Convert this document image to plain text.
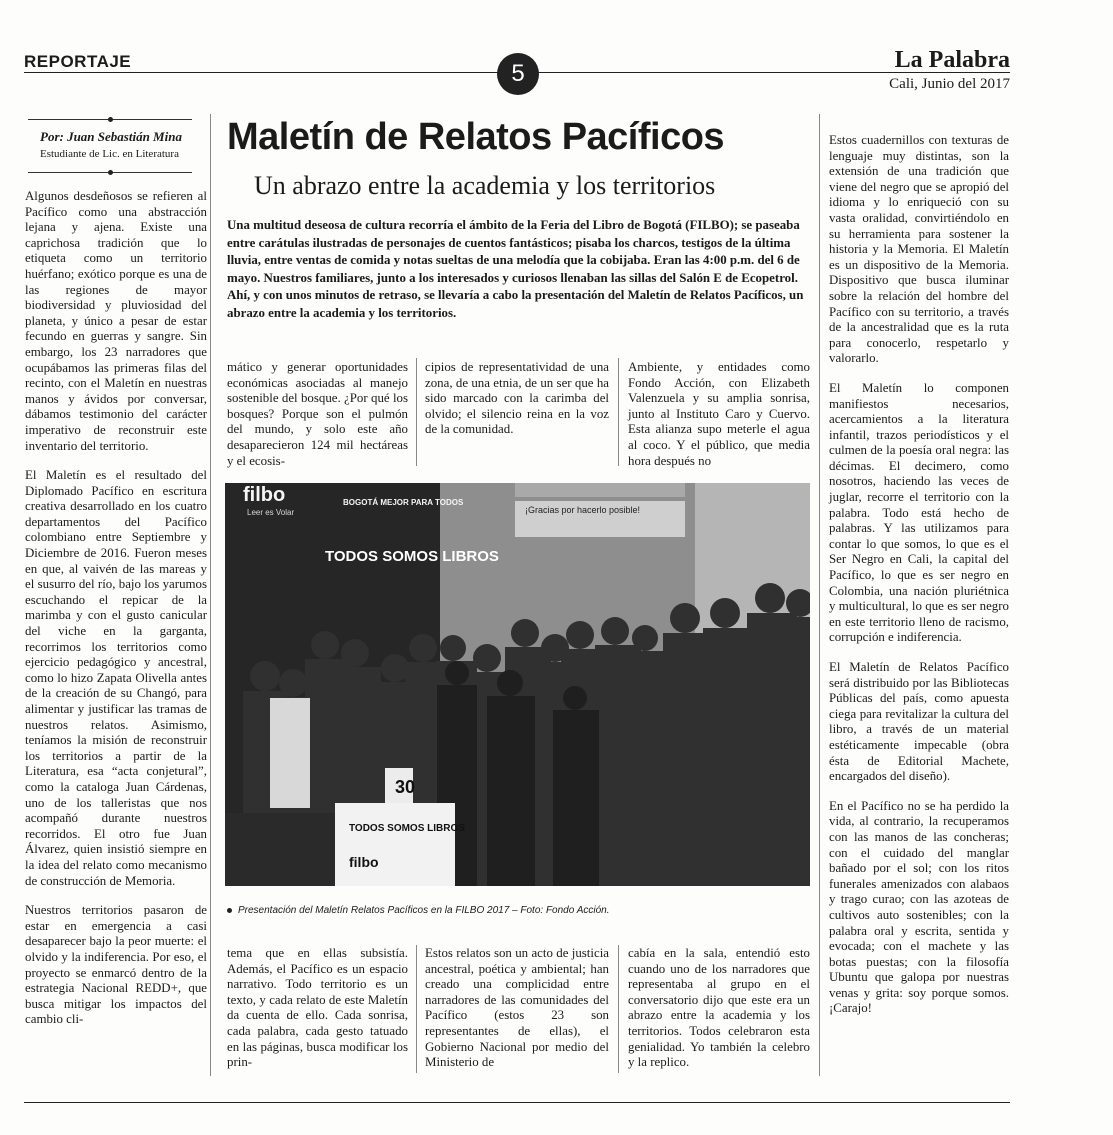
REPORTAJE	5	La Palabra
Cali, Junio del 2017
Por: Juan Sebastián Mina
Estudiante de Lic. en Literatura Maletín de Relatos Pacíficos
Un abrazo entre la academia y los territorios

Una multitud deseosa de cultura recorría el ámbito de la Feria del Libro de Bogotá (FILBO); se paseaba entre carátulas ilustradas de personajes de cuentos fantásticos; pisaba los charcos, testigos de la última lluvia, entre ventas de comida y notas sueltas de una melodía que la cobijaba. Eran las 4:00 p.m. del 6 de mayo. Nuestros familiares, junto a los interesados y curiosos llenaban las sillas del Salón E de Ecopetrol. Ahí, y con unos minutos de retraso, se llevaría a cabo la presentación del Maletín de Relatos Pacíficos, un abrazo entre la academia y los territorios.

Algunos desdeñosos se refieren al Pacífico como una abstracción lejana y ajena. Existe una caprichosa tradición que lo etiqueta como un territorio huérfano; exótico porque es una de las regiones de mayor biodiversidad y pluviosidad del planeta, y único a pesar de estar fecundo en guerras y sangre. Sin embargo, los 23 narradores que ocupábamos las primeras filas del recinto, con el Maletín en nuestras manos y ávidos por conversar, dábamos testimonio del carácter imperativo de reconstruir este inventario del territorio.

El Maletín es el resultado del Diplomado Pacífico en escritura creativa desarrollado en los cuatro departamentos del Pacífico colombiano entre Septiembre y Diciembre de 2016. Fueron meses en que, al vaivén de las mareas y el susurro del río, bajo los yarumos escuchando el repicar de la marimba y con el gusto canicular del viche en la garganta, recorrimos los territorios como ejercicio pedagógico y ancestral, como lo hizo Zapata Olivella antes de la creación de su Changó, para alimentar y justificar las tramas de nuestros relatos. Asimismo, teníamos la misión de reconstruir los territorios a partir de la Literatura, esa “acta conjetural”, como la cataloga Juan Cárdenas, uno de los talleristas que nos acompañó durante nuestros recorridos. El otro fue Juan Álvarez, quien insistió siempre en la idea del relato como mecanismo de construcción de Memoria.

Nuestros territorios pasaron de estar en emergencia a casi desaparecer bajo la peor muerte: el olvido y la indiferencia. Por eso, el proyecto se enmarcó dentro de la estrategia Nacional REDD+, que busca mitigar los impactos del cambio cli-

mático y generar oportunidades económicas asociadas al manejo sostenible del bosque. ¿Por qué los bosques? Porque son el pulmón del mundo, y solo este año desaparecieron 124 mil hectáreas y el ecosis-
cipios de representatividad de una zona, de una etnia, de un ser que ha sido marcado con la carimba del olvido; el silencio reina en la voz de la comunidad.
Ambiente, y entidades como Fondo Acción, con Elizabeth Valenzuela y su amplia sonrisa, junto al Instituto Caro y Cuervo. Esta alianza supo meterle el agua al coco. Y el público, que media hora después no
filbo
Leer es Volar
BOGOTÁ MEJOR PARA TODOS
TODOS SOMOS LIBROS
¡Gracias por hacerlo posible!
30
TODOS SOMOS LIBROS
filbo
Presentación del Maletín Relatos Pacíficos en la FILBO 2017 – Foto: Fondo Acción.
tema que en ellas subsistía. Además, el Pacífico es un espacio narrativo. Todo territorio es un texto, y cada relato de este Maletín da cuenta de ello. Cada sonrisa, cada palabra, cada gesto tatuado en las páginas, busca modificar los prin-
Estos relatos son un acto de justicia ancestral, poética y ambiental; han creado una complicidad entre narradores de las comunidades del Pacífico (estos 23 son representantes de ellas), el Gobierno Nacional por medio del Ministerio de
cabía en la sala, entendió esto cuando uno de los narradores que representaba al grupo en el conversatorio dijo que este era un abrazo entre la academia y los territorios. Todos celebraron esta genialidad. Yo también la celebro y la replico.

Estos cuadernillos con texturas de lenguaje muy distintas, son la extensión de una tradición que viene del negro que se apropió del idioma y lo enriqueció con su vasta oralidad, convirtiéndolo en su herramienta para sostener la historia y la Memoria. El Maletín es un dispositivo de la Memoria. Dispositivo que busca iluminar sobre la relación del hombre del Pacífico con su territorio, a través de la ancestralidad que es la ruta para conocerlo, respetarlo y valorarlo.

El Maletín lo componen manifiestos necesarios, acercamientos a la literatura infantil, trazos periodísticos y el culmen de la poesía oral negra: las décimas. El decimero, como nosotros, haciendo las veces de juglar, recorre el territorio con la palabra. Todo está hecho de palabras. Y las utilizamos para contar lo que somos, lo que es el Ser Negro en Cali, la capital del Pacífico, lo que es ser negro en Colombia, una nación pluriétnica y multicultural, lo que es ser negro en este territorio lleno de racismo, corrupción e indiferencia.

El Maletín de Relatos Pacífico será distribuido por las Bibliotecas Públicas del país, como apuesta ciega para revitalizar la cultura del libro, a través de un material estéticamente impecable (obra ésta de Editorial Machete, encargados del diseño).

En el Pacífico no se ha perdido la vida, al contrario, la recuperamos con las manos de las concheras; con el cuidado del manglar bañado por el sol; con los ritos funerales amenizados con alabaos y trago curao; con las azoteas de cultivos auto sostenibles; con la palabra oral y escrita, sentida y evocada; con el machete y las botas puestas; con la filosofía Ubuntu que galopa por nuestras venas y grita: soy porque somos. ¡Carajo!
